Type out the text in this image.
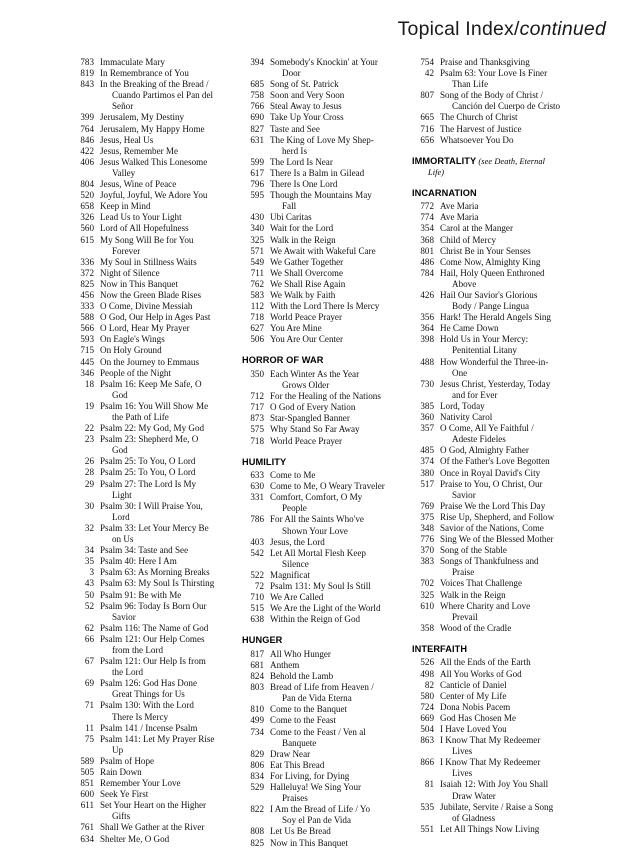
Topical Index/continued
783 Immaculate Mary
819 In Remembrance of You
843 In the Breaking of the Bread /
Cuando Partimos el Pan del
Señor
399 Jerusalem, My Destiny
764 Jerusalem, My Happy Home
846 Jesus, Heal Us
422 Jesus, Remember Me
406 Jesus Walked This Lonesome
Valley
804 Jesus, Wine of Peace
520 Joyful, Joyful, We Adore You
658 Keep in Mind
326 Lead Us to Your Light
560 Lord of All Hopefulness
615 My Song Will Be for You
Forever
336 My Soul in Stillness Waits
372 Night of Silence
825 Now in This Banquet
456 Now the Green Blade Rises
333 O Come, Divine Messiah
588 O God, Our Help in Ages Past
566 O Lord, Hear My Prayer
593 On Eagle's Wings
715 On Holy Ground
445 On the Journey to Emmaus
346 People of the Night
18 Psalm 16: Keep Me Safe, O
God
19 Psalm 16: You Will Show Me
the Path of Life
22 Psalm 22: My God, My God
23 Psalm 23: Shepherd Me, O
God
26 Psalm 25: To You, O Lord
28 Psalm 25: To You, O Lord
29 Psalm 27: The Lord Is My
Light
30 Psalm 30: I Will Praise You,
Lord
32 Psalm 33: Let Your Mercy Be
on Us
34 Psalm 34: Taste and See
35 Psalm 40: Here I Am
3 Psalm 63: As Morning Breaks
43 Psalm 63: My Soul Is Thirsting
50 Psalm 91: Be with Me
52 Psalm 96: Today Is Born Our
Savior
62 Psalm 116: The Name of God
66 Psalm 121: Our Help Comes
from the Lord
67 Psalm 121: Our Help Is from
the Lord
69 Psalm 126: God Has Done
Great Things for Us
71 Psalm 130: With the Lord
There Is Mercy
11 Psalm 141 / Incense Psalm
75 Psalm 141: Let My Prayer Rise
Up
589 Psalm of Hope
505 Rain Down
851 Remember Your Love
600 Seek Ye First
611 Set Your Heart on the Higher
Gifts
761 Shall We Gather at the River
634 Shelter Me, O God
394 Somebody's Knockin' at Your
Door
685 Song of St. Patrick
758 Soon and Very Soon
766 Steal Away to Jesus
690 Take Up Your Cross
827 Taste and See
631 The King of Love My Shep-
herd Is
599 The Lord Is Near
617 There Is a Balm in Gilead
796 There Is One Lord
595 Though the Mountains May
Fall
430 Ubi Caritas
340 Wait for the Lord
325 Walk in the Reign
571 We Await with Wakeful Care
549 We Gather Together
711 We Shall Overcome
762 We Shall Rise Again
583 We Walk by Faith
112 With the Lord There Is Mercy
718 World Peace Prayer
627 You Are Mine
506 You Are Our Center
HORROR OF WAR
350 Each Winter As the Year
Grows Older
712 For the Healing of the Nations
717 O God of Every Nation
873 Star-Spangled Banner
575 Why Stand So Far Away
718 World Peace Prayer
HUMILITY
633 Come to Me
630 Come to Me, O Weary Traveler
331 Comfort, Comfort, O My
People
786 For All the Saints Who've
Shown Your Love
403 Jesus, the Lord
542 Let All Mortal Flesh Keep
Silence
522 Magnificat
72 Psalm 131: My Soul Is Still
710 We Are Called
515 We Are the Light of the World
638 Within the Reign of God
HUNGER
817 All Who Hunger
681 Anthem
824 Behold the Lamb
803 Bread of Life from Heaven /
Pan de Vida Eterna
810 Come to the Banquet
499 Come to the Feast
734 Come to the Feast / Ven al
Banquete
829 Draw Near
806 Eat This Bread
834 For Living, for Dying
529 Halleluya! We Sing Your
Praises
822 I Am the Bread of Life / Yo
Soy el Pan de Vida
808 Let Us Be Bread
825 Now in This Banquet
754 Praise and Thanksgiving
42 Psalm 63: Your Love Is Finer
Than Life
807 Song of the Body of Christ /
Canción del Cuerpo de Cristo
665 The Church of Christ
716 The Harvest of Justice
656 Whatsoever You Do
IMMORTALITY (see Death, Eternal
Life)
INCARNATION
772 Ave Maria
774 Ave Maria
354 Carol at the Manger
368 Child of Mercy
801 Christ Be in Your Senses
486 Come Now, Almighty King
784 Hail, Holy Queen Enthroned
Above
426 Hail Our Savior's Glorious
Body / Pange Lingua
356 Hark! The Herald Angels Sing
364 He Came Down
398 Hold Us in Your Mercy:
Penitential Litany
488 How Wonderful the Three-in-
One
730 Jesus Christ, Yesterday, Today
and for Ever
385 Lord, Today
360 Nativity Carol
357 O Come, All Ye Faithful /
Adeste Fideles
485 O God, Almighty Father
374 Of the Father's Love Begotten
380 Once in Royal David's City
517 Praise to You, O Christ, Our
Savior
769 Praise We the Lord This Day
375 Rise Up, Shepherd, and Follow
348 Savior of the Nations, Come
776 Sing We of the Blessed Mother
370 Song of the Stable
383 Songs of Thankfulness and
Praise
702 Voices That Challenge
325 Walk in the Reign
610 Where Charity and Love
Prevail
358 Wood of the Cradle
INTERFAITH
526 All the Ends of the Earth
498 All You Works of God
82 Canticle of Daniel
580 Center of My Life
724 Dona Nobis Pacem
669 God Has Chosen Me
504 I Have Loved You
863 I Know That My Redeemer
Lives
866 I Know That My Redeemer
Lives
81 Isaiah 12: With Joy You Shall
Draw Water
535 Jubilate, Servite / Raise a Song
of Gladness
551 Let All Things Now Living
